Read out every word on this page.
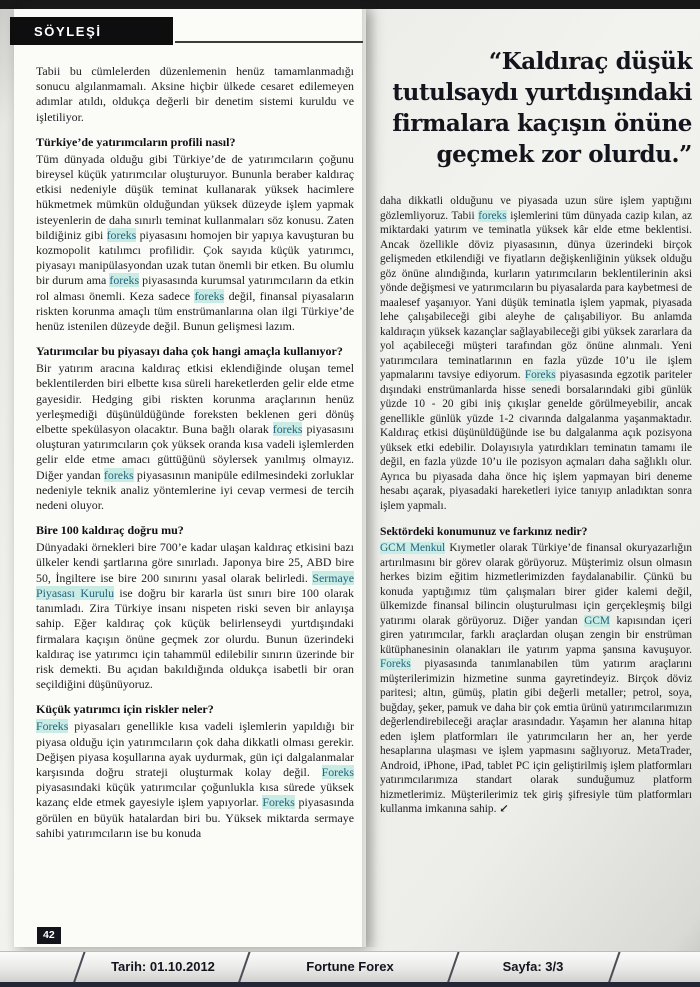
SÖYLEŞİ
“Kaldıraç düşük tutulsaydı yurtdışındaki firmalara kaçışın önüne geçmek zor olurdu.”

Tabii bu cümlelerden düzenlemenin henüz tamamlanmadığı sonucu algılanmamalı. Aksine hiçbir ülkede cesaret edilemeyen adımlar atıldı, oldukça değerli bir denetim sistemi kuruldu ve işletiliyor.

Türkiye’de yatırımcıların profili nasıl?

Tüm dünyada olduğu gibi Türkiye’de de yatırımcıların çoğunu bireysel küçük yatırımcılar oluşturuyor. Bununla beraber kaldıraç etkisi nedeniyle düşük teminat kullanarak yüksek hacimlere hükmetmek mümkün olduğundan yüksek düzeyde işlem yapmak isteyenlerin de daha sınırlı teminat kullanmaları söz konusu. Zaten bildiğiniz gibi foreks piyasasını homojen bir yapıya kavuşturan bu kozmopolit katılımcı profilidir. Çok sayıda küçük yatırımcı, piyasayı manipülasyondan uzak tutan önemli bir etken. Bu olumlu bir durum ama foreks piyasasında kurumsal yatırımcıların da etkin rol alması önemli. Keza sadece foreks değil, finansal piyasaların riskten korunma amaçlı tüm enstrümanlarına olan ilgi Türkiye’de henüz istenilen düzeyde değil. Bunun gelişmesi lazım.

Yatırımcılar bu piyasayı daha çok hangi amaçla kullanıyor?

Bir yatırım aracına kaldıraç etkisi eklendiğinde oluşan temel beklentilerden biri elbette kısa süreli hareketlerden gelir elde etme gayesidir. Hedging gibi riskten korunma araçlarının henüz yerleşmediği düşünüldüğünde foreksten beklenen geri dönüş elbette spekülasyon olacaktır. Buna bağlı olarak foreks piyasasını oluşturan yatırımcıların çok yüksek oranda kısa vadeli işlemlerden gelir elde etme amacı güttüğünü söylersek yanılmış olmayız. Diğer yandan foreks piyasasının manipüle edilmesindeki zorluklar nedeniyle teknik analiz yöntemlerine iyi cevap vermesi de tercih nedeni oluyor.

Bire 100 kaldıraç doğru mu?

Dünyadaki örnekleri bire 700’e kadar ulaşan kaldıraç etkisini bazı ülkeler kendi şartlarına göre sınırladı. Japonya bire 25, ABD bire 50, İngiltere ise bire 200 sınırını yasal olarak belirledi. Sermaye Piyasası Kurulu ise doğru bir kararla üst sınırı bire 100 olarak tanımladı. Zira Türkiye insanı nispeten riski seven bir anlayışa sahip. Eğer kaldıraç çok küçük belirlenseydi yurtdışındaki firmalara kaçışın önüne geçmek zor olurdu. Bunun üzerindeki kaldıraç ise yatırımcı için tahammül edilebilir sınırın üzerinde bir risk demekti. Bu açıdan bakıldığında oldukça isabetli bir oran seçildiğini düşünüyoruz.

Küçük yatırımcı için riskler neler?

Foreks piyasaları genellikle kısa vadeli işlemlerin yapıldığı bir piyasa olduğu için yatırımcıların çok daha dikkatli olması gerekir. Değişen piyasa koşullarına ayak uydurmak, gün içi dalgalanmalar karşısında doğru strateji oluşturmak kolay değil. Foreks piyasasındaki küçük yatırımcılar çoğunlukla kısa sürede yüksek kazanç elde etmek gayesiyle işlem yapıyorlar. Foreks piyasasında görülen en büyük hatalardan biri bu. Yüksek miktarda sermaye sahibi yatırımcıların ise bu konuda

daha dikkatli olduğunu ve piyasada uzun süre işlem yaptığını gözlemliyoruz. Tabii foreks işlemlerini tüm dünyada cazip kılan, az miktardaki yatırım ve teminatla yüksek kâr elde etme beklentisi. Ancak özellikle döviz piyasasının, dünya üzerindeki birçok gelişmeden etkilendiği ve fiyatların değişkenliğinin yüksek olduğu göz önüne alındığında, kurların yatırımcıların beklentilerinin aksi yönde değişmesi ve yatırımcıların bu piyasalarda para kaybetmesi de maalesef yaşanıyor. Yani düşük teminatla işlem yapmak, piyasada lehe çalışabileceği gibi aleyhe de çalışabiliyor. Bu anlamda kaldıraçın yüksek kazançlar sağlayabileceği gibi yüksek zararlara da yol açabileceği müşteri tarafından göz önüne alınmalı. Yeni yatırımcılara teminatlarının en fazla yüzde 10’u ile işlem yapmalarını tavsiye ediyorum. Foreks piyasasında egzotik pariteler dışındaki enstrümanlarda hisse senedi borsalarındaki gibi günlük yüzde 10 - 20 gibi iniş çıkışlar genelde görülmeyebilir, ancak genellikle günlük yüzde 1-2 civarında dalgalanma yaşanmaktadır. Kaldıraç etkisi düşünüldüğünde ise bu dalgalanma açık pozisyona yüksek etki edebilir. Dolayısıyla yatırdıkları teminatın tamamı ile değil, en fazla yüzde 10’u ile pozisyon açmaları daha sağlıklı olur. Ayrıca bu piyasada daha önce hiç işlem yapmayan biri deneme hesabı açarak, piyasadaki hareketleri iyice tanıyıp anladıktan sonra işlem yapmalı.

Sektördeki konumunuz ve farkınız nedir?

GCM Menkul Kıymetler olarak Türkiye’de finansal okuryazarlığın artırılmasını bir görev olarak görüyoruz. Müşterimiz olsun olmasın herkes bizim eğitim hizmetlerimizden faydalanabilir. Çünkü bu konuda yaptığımız tüm çalışmaları birer gider kalemi değil, ülkemizde finansal bilincin oluşturulması için gerçekleşmiş bilgi yatırımı olarak görüyoruz. Diğer yandan GCM kapısından içeri giren yatırımcılar, farklı araçlardan oluşan zengin bir enstrüman kütüphanesinin olanakları ile yatırım yapma şansına kavuşuyor. Foreks piyasasında tanımlanabilen tüm yatırım araçlarını müşterilerimizin hizmetine sunma gayretindeyiz. Birçok döviz paritesi; altın, gümüş, platin gibi değerli metaller; petrol, soya, buğday, şeker, pamuk ve daha bir çok emtia ürünü yatırımcılarımızın değerlendirebileceği araçlar arasındadır. Yaşamın her alanına hitap eden işlem platformları ile yatırımcıların her an, her yerde hesaplarına ulaşması ve işlem yapmasını sağlıyoruz. MetaTrader, Android, iPhone, iPad, tablet PC için geliştirilmiş işlem platformları yatırımcılarımıza standart olarak sunduğumuz platform hizmetlerimiz. Müşterilerimiz tek giriş şifresiyle tüm platformları kullanma imkanına sahip. ↙

42
Tarih: 01.10.2012	Fortune Forex	Sayfa: 3/3
